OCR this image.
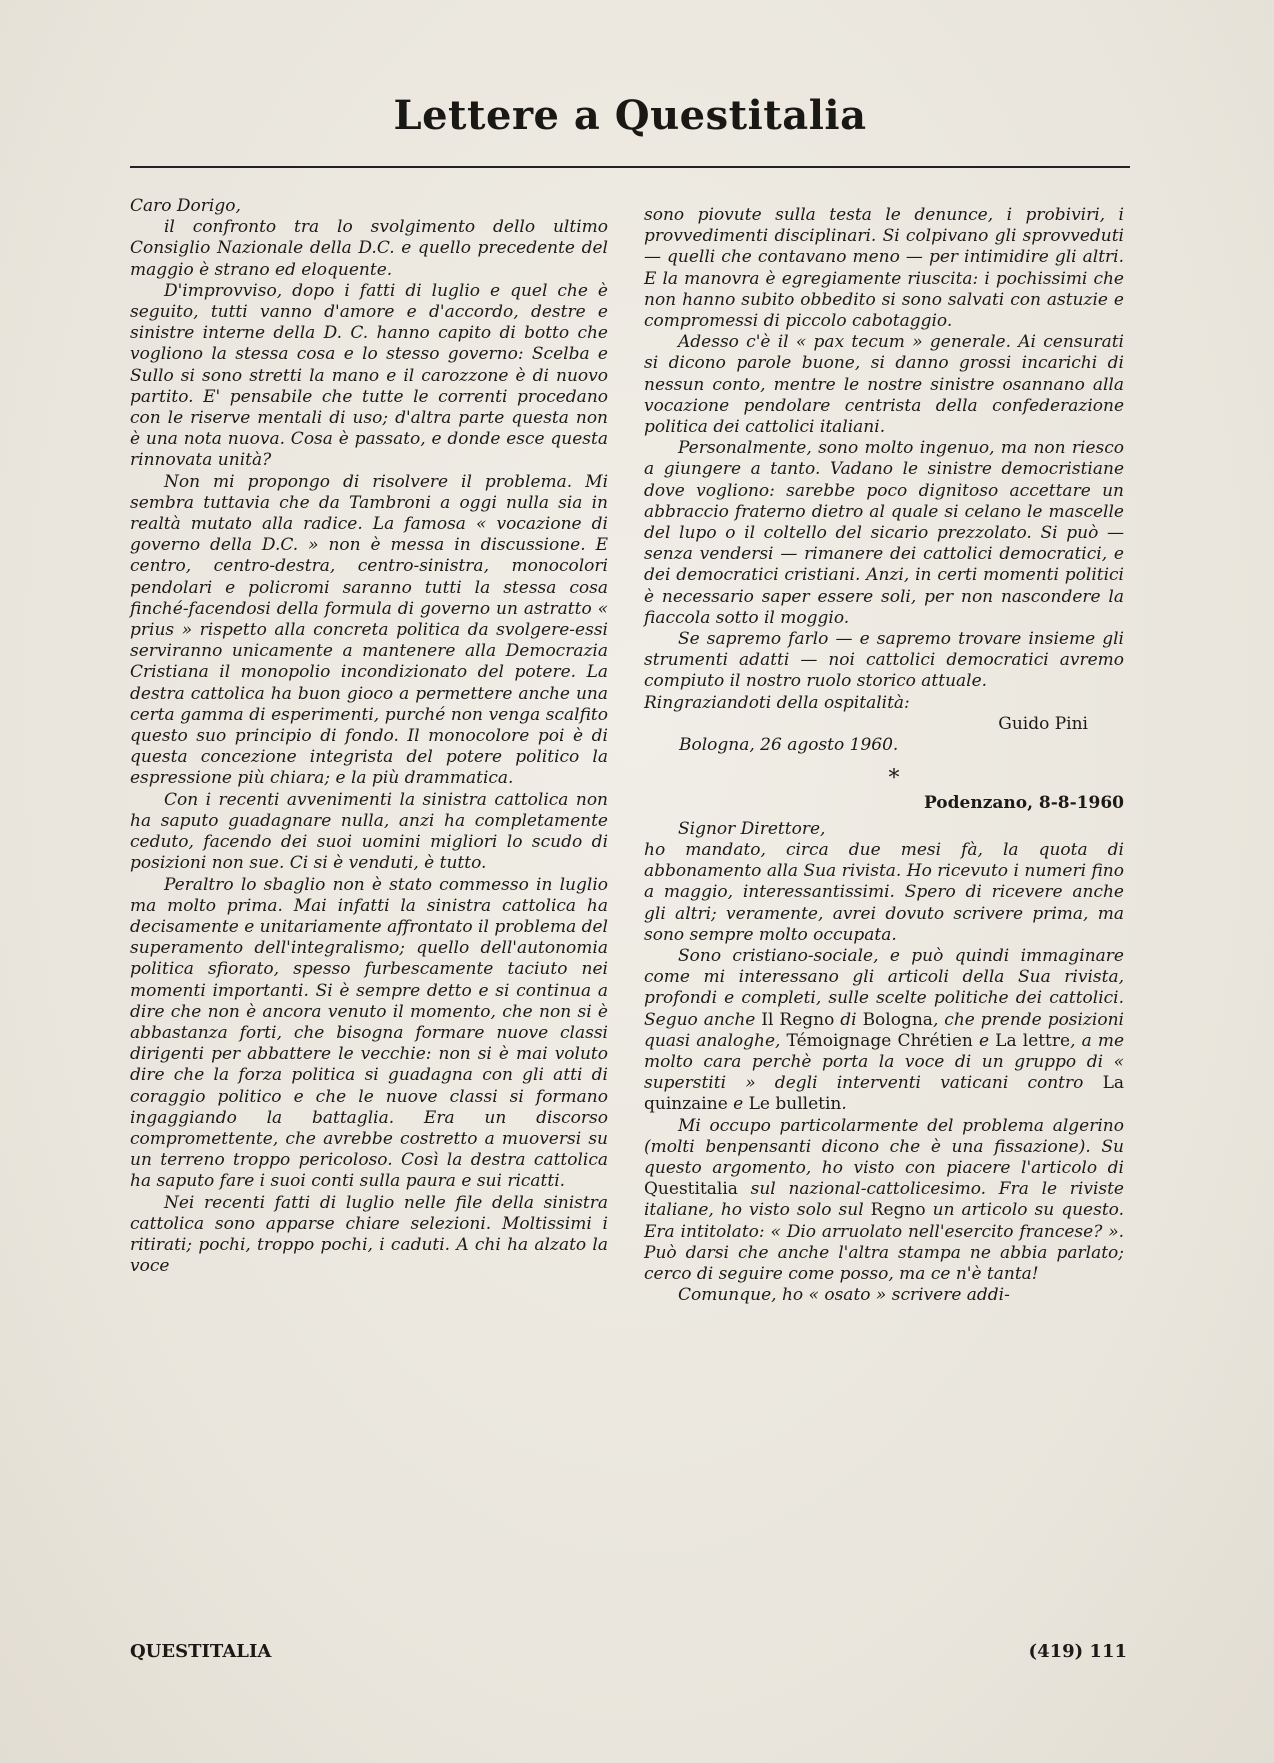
Lettere a Questitalia

Caro Dorigo,

il confronto tra lo svolgimento dello ultimo Consiglio Nazionale della D.C. e quello precedente del maggio è strano ed eloquente.

D'improvviso, dopo i fatti di luglio e quel che è seguito, tutti vanno d'amore e d'accordo, destre e sinistre interne della D. C. hanno capito di botto che vogliono la stessa cosa e lo stesso governo: Scelba e Sullo si sono stretti la mano e il carozzone è di nuovo partito. E' pensabile che tutte le correnti procedano con le riserve mentali di uso; d'altra parte questa non è una nota nuova. Cosa è passato, e donde esce questa rinnovata unità?

Non mi propongo di risolvere il problema. Mi sembra tuttavia che da Tambroni a oggi nulla sia in realtà mutato alla radice. La famosa « vocazione di governo della D.C. » non è messa in discussione. E centro, centro-destra, centro-sinistra, monocolori pendolari e policromi saranno tutti la stessa cosa finché-facendosi della formula di governo un astratto « prius » rispetto alla concreta politica da svolgere-essi serviranno unicamente a mantenere alla Democrazia Cristiana il monopolio incondizionato del potere. La destra cattolica ha buon gioco a permettere anche una certa gamma di esperimenti, purché non venga scalfito questo suo principio di fondo. Il monocolore poi è di questa concezione integrista del potere politico la espressione più chiara; e la più drammatica.

Con i recenti avvenimenti la sinistra cattolica non ha saputo guadagnare nulla, anzi ha completamente ceduto, facendo dei suoi uomini migliori lo scudo di posizioni non sue. Ci si è venduti, è tutto.

Peraltro lo sbaglio non è stato commesso in luglio ma molto prima. Mai infatti la sinistra cattolica ha decisamente e unitariamente affrontato il problema del superamento dell'integralismo; quello dell'autonomia politica sfiorato, spesso furbescamente taciuto nei momenti importanti. Si è sempre detto e si continua a dire che non è ancora venuto il momento, che non si è abbastanza forti, che bisogna formare nuove classi dirigenti per abbattere le vecchie: non si è mai voluto dire che la forza politica si guadagna con gli atti di coraggio politico e che le nuove classi si formano ingaggiando la battaglia. Era un discorso compromettente, che avrebbe costretto a muoversi su un terreno troppo pericoloso. Così la destra cattolica ha saputo fare i suoi conti sulla paura e sui ricatti.

Nei recenti fatti di luglio nelle file della sinistra cattolica sono apparse chiare selezioni. Moltissimi i ritirati; pochi, troppo pochi, i caduti. A chi ha alzato la voce

sono piovute sulla testa le denunce, i probiviri, i provvedimenti disciplinari. Si colpivano gli sprovveduti — quelli che contavano meno — per intimidire gli altri. E la manovra è egregiamente riuscita: i pochissimi che non hanno subito obbedito si sono salvati con astuzie e compromessi di piccolo cabotaggio.

Adesso c'è il « pax tecum » generale. Ai censurati si dicono parole buone, si danno grossi incarichi di nessun conto, mentre le nostre sinistre osannano alla vocazione pendolare centrista della confederazione politica dei cattolici italiani.

Personalmente, sono molto ingenuo, ma non riesco a giungere a tanto. Vadano le sinistre democristiane dove vogliono: sarebbe poco dignitoso accettare un abbraccio fraterno dietro al quale si celano le mascelle del lupo o il coltello del sicario prezzolato. Si può — senza vendersi — rimanere dei cattolici democratici, e dei democratici cristiani. Anzi, in certi momenti politici è necessario saper essere soli, per non nascondere la fiaccola sotto il moggio.

Se sapremo farlo — e sapremo trovare insieme gli strumenti adatti — noi cattolici democratici avremo compiuto il nostro ruolo storico attuale.

Ringraziandoti della ospitalità:

Guido Pini

Bologna, 26 agosto 1960.

*
Podenzano, 8-8-1960

Signor Direttore,

ho mandato, circa due mesi fà, la quota di abbonamento alla Sua rivista. Ho ricevuto i numeri fino a maggio, interessantissimi. Spero di ricevere anche gli altri; veramente, avrei dovuto scrivere prima, ma sono sempre molto occupata.

Sono cristiano-sociale, e può quindi immaginare come mi interessano gli articoli della Sua rivista, profondi e completi, sulle scelte politiche dei cattolici. Seguo anche Il Regno di Bologna, che prende posizioni quasi analoghe, Témoignage Chrétien e La lettre, a me molto cara perchè porta la voce di un gruppo di « superstiti » degli interventi vaticani contro La quinzaine e Le bulletin.

Mi occupo particolarmente del problema algerino (molti benpensanti dicono che è una fissazione). Su questo argomento, ho visto con piacere l'articolo di Questitalia sul nazional-cattolicesimo. Fra le riviste italiane, ho visto solo sul Regno un articolo su questo. Era intitolato: « Dio arruolato nell'esercito francese? ». Può darsi che anche l'altra stampa ne abbia parlato; cerco di seguire come posso, ma ce n'è tanta!

Comunque, ho « osato » scrivere addi-

QUESTITALIA	(419) 111
